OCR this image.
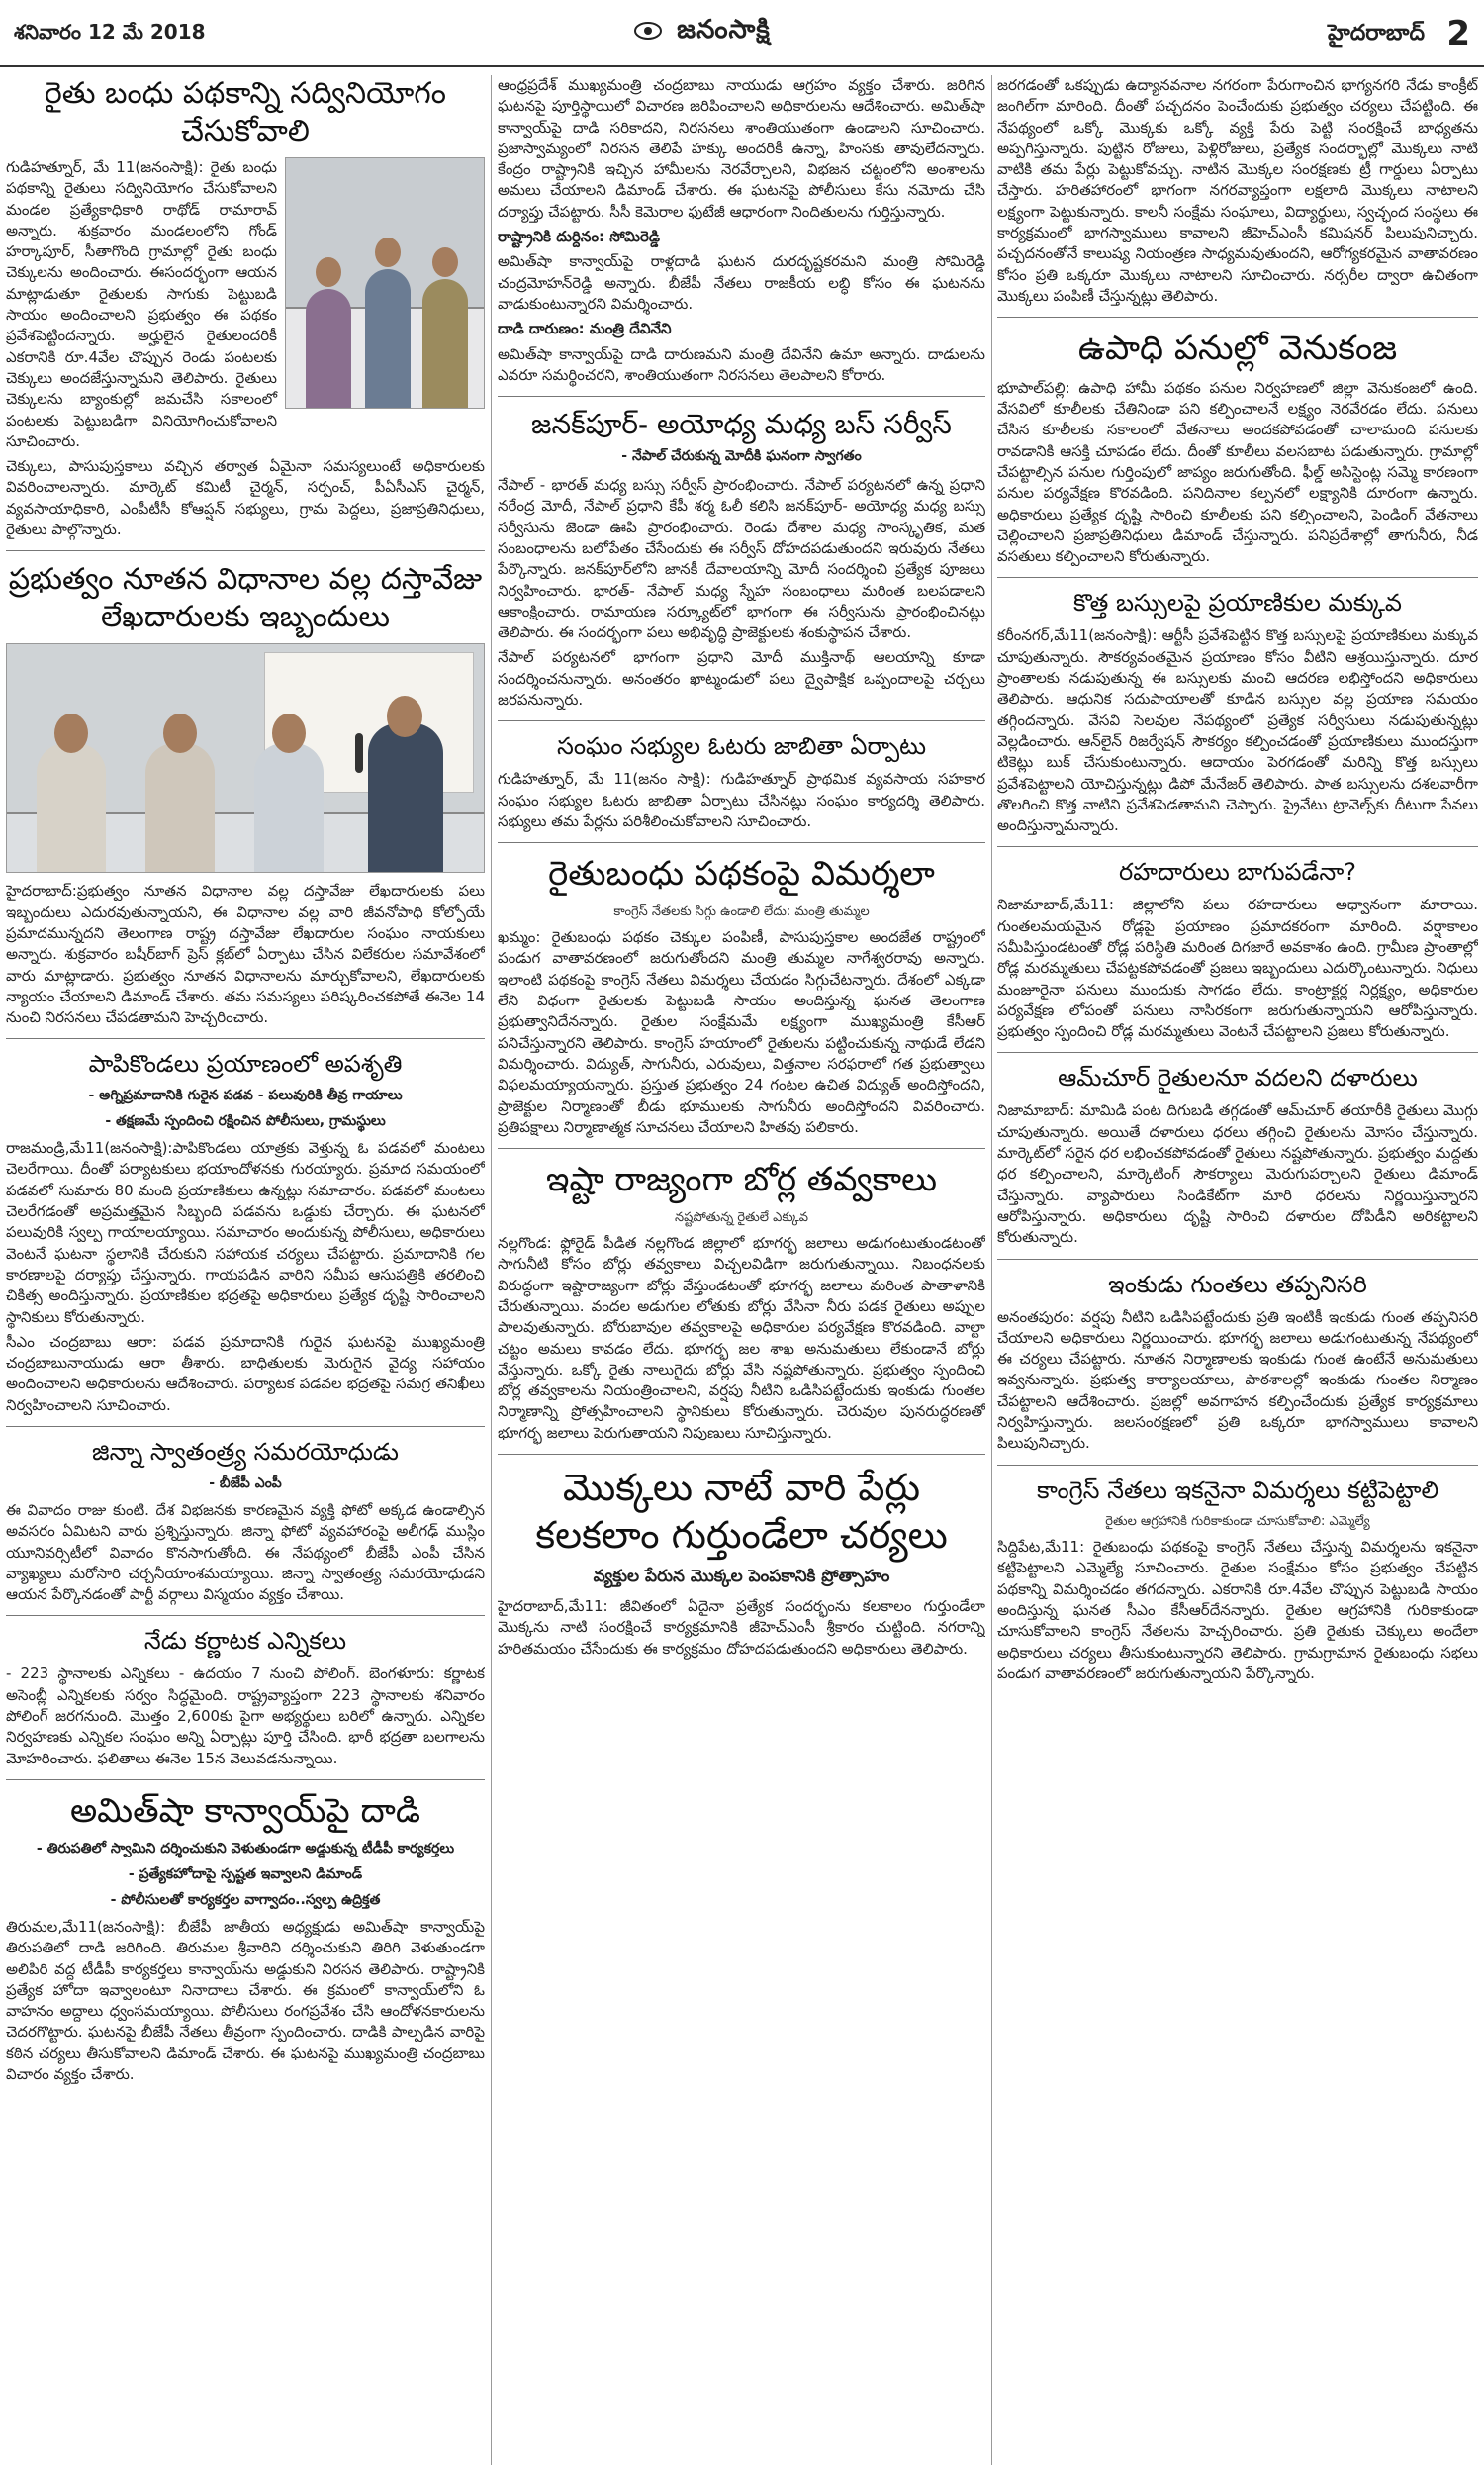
శనివారం 12 మే 2018	జనంసాక్షి	హైదరాబాద్ 2
రైతు బంధు పథకాన్ని సద్వినియోగం చేసుకోవాలి

గుడిహత్నూర్, మే 11(జనంసాక్షి): రైతు బంధు పథకాన్ని రైతులు సద్వినియోగం చేసుకోవాలని మండల ప్రత్యేకాధికారి రాథోడ్ రామారావ్ అన్నారు. శుక్రవారం మండలంలోని గోండ్ హర్కాపూర్, సీతాగొంది గ్రామాల్లో రైతు బంధు చెక్కులను అందించారు. ఈసందర్భంగా ఆయన మాట్లాడుతూ రైతులకు సాగుకు పెట్టుబడి సాయం అందించాలని ప్రభుత్వం ఈ పథకం ప్రవేశపెట్టిందన్నారు. అర్హులైన రైతులందరికీ ఎకరానికి రూ.4వేల చొప్పున రెండు పంటలకు చెక్కులు అందజేస్తున్నామని తెలిపారు. రైతులు చెక్కులను బ్యాంకుల్లో జమచేసి సకాలంలో పంటలకు పెట్టుబడిగా వినియోగించుకోవాలని సూచించారు.

చెక్కులు, పాసుపుస్తకాలు వచ్చిన తర్వాత ఏమైనా సమస్యలుంటే అధికారులకు వివరించాలన్నారు. మార్కెట్ కమిటీ చైర్మన్, సర్పంచ్, పీఏసీఎస్ చైర్మన్, వ్యవసాయాధికారి, ఎంపీటీసీ కోఆప్షన్ సభ్యులు, గ్రామ పెద్దలు, ప్రజాప్రతినిధులు, రైతులు పాల్గొన్నారు.

ప్రభుత్వం నూతన విధానాల వల్ల దస్తావేజు లేఖదారులకు ఇబ్బందులు

హైదరాబాద్:ప్రభుత్వం నూతన విధానాల వల్ల దస్తావేజు లేఖదారులకు పలు ఇబ్బందులు ఎదురవుతున్నాయని, ఈ విధానాల వల్ల వారి జీవనోపాధి కోల్పోయే ప్రమాదమున్నదని తెలంగాణ రాష్ట్ర దస్తావేజు లేఖదారుల సంఘం నాయకులు అన్నారు. శుక్రవారం బషీర్‌బాగ్ ప్రెస్ క్లబ్‌లో ఏర్పాటు చేసిన విలేకరుల సమావేశంలో వారు మాట్లాడారు. ప్రభుత్వం నూతన విధానాలను మార్చుకోవాలని, లేఖదారులకు న్యాయం చేయాలని డిమాండ్ చేశారు. తమ సమస్యలు పరిష్కరించకపోతే ఈనెల 14 నుంచి నిరసనలు చేపడతామని హెచ్చరించారు.

పాపికొండలు ప్రయాణంలో అపశృతి
- అగ్నిప్రమాదానికి గురైన పడవ - పలువురికి తీవ్ర గాయాలు
- తక్షణమే స్పందించి రక్షించిన పోలీసులు, గ్రామస్థులు

రాజమండ్రి,మే11(జనంసాక్షి):పాపికొండలు యాత్రకు వెళ్తున్న ఓ పడవలో మంటలు చెలరేగాయి. దీంతో పర్యాటకులు భయాందోళనకు గురయ్యారు. ప్రమాద సమయంలో పడవలో సుమారు 80 మంది ప్రయాణికులు ఉన్నట్లు సమాచారం. పడవలో మంటలు చెలరేగడంతో అప్రమత్తమైన సిబ్బంది పడవను ఒడ్డుకు చేర్చారు. ఈ ఘటనలో పలువురికి స్వల్ప గాయాలయ్యాయి. సమాచారం అందుకున్న పోలీసులు, అధికారులు వెంటనే ఘటనా స్థలానికి చేరుకుని సహాయక చర్యలు చేపట్టారు. ప్రమాదానికి గల కారణాలపై దర్యాప్తు చేస్తున్నారు. గాయపడిన వారిని సమీప ఆసుపత్రికి తరలించి చికిత్స అందిస్తున్నారు. ప్రయాణికుల భద్రతపై అధికారులు ప్రత్యేక దృష్టి సారించాలని స్థానికులు కోరుతున్నారు.

సీఎం చంద్రబాబు ఆరా: పడవ ప్రమాదానికి గురైన ఘటనపై ముఖ్యమంత్రి చంద్రబాబునాయుడు ఆరా తీశారు. బాధితులకు మెరుగైన వైద్య సహాయం అందించాలని అధికారులను ఆదేశించారు. పర్యాటక పడవల భద్రతపై సమగ్ర తనిఖీలు నిర్వహించాలని సూచించారు.

జిన్నా స్వాతంత్ర్య సమరయోధుడు
- బీజేపీ ఎంపీ

ఈ వివాదం రాజు కుంటి. దేశ విభజనకు కారణమైన వ్యక్తి ఫోటో అక్కడ ఉండాల్సిన అవసరం ఏమిటని వారు ప్రశ్నిస్తున్నారు. జిన్నా ఫోటో వ్యవహారంపై అలీగఢ్ ముస్లిం యూనివర్సిటీలో వివాదం కొనసాగుతోంది. ఈ నేపథ్యంలో బీజేపీ ఎంపీ చేసిన వ్యాఖ్యలు మరోసారి చర్చనీయాంశమయ్యాయి. జిన్నా స్వాతంత్ర్య సమరయోధుడని ఆయన పేర్కొనడంతో పార్టీ వర్గాలు విస్మయం వ్యక్తం చేశాయి.

నేడు కర్ణాటక ఎన్నికలు

- 223 స్థానాలకు ఎన్నికలు - ఉదయం 7 నుంచి పోలింగ్. బెంగళూరు: కర్ణాటక అసెంబ్లీ ఎన్నికలకు సర్వం సిద్ధమైంది. రాష్ట్రవ్యాప్తంగా 223 స్థానాలకు శనివారం పోలింగ్ జరగనుంది. మొత్తం 2,600కు పైగా అభ్యర్థులు బరిలో ఉన్నారు. ఎన్నికల నిర్వహణకు ఎన్నికల సంఘం అన్ని ఏర్పాట్లు పూర్తి చేసింది. భారీ భద్రతా బలగాలను మోహరించారు. ఫలితాలు ఈనెల 15న వెలువడనున్నాయి.

అమిత్‌షా కాన్వాయ్‌పై దాడి
- తిరుపతిలో స్వామిని దర్శించుకుని వెళుతుండగా అడ్డుకున్న టీడీపీ కార్యకర్తలు
- ప్రత్యేకహోదాపై స్పష్టత ఇవ్వాలని డిమాండ్
- పోలీసులతో కార్యకర్తల వాగ్వాదం..స్వల్ప ఉద్రిక్తత

తిరుమల,మే11(జనంసాక్షి): బీజేపీ జాతీయ అధ్యక్షుడు అమిత్‌షా కాన్వాయ్‌పై తిరుపతిలో దాడి జరిగింది. తిరుమల శ్రీవారిని దర్శించుకుని తిరిగి వెళుతుండగా అలిపిరి వద్ద టీడీపీ కార్యకర్తలు కాన్వాయ్‌ను అడ్డుకుని నిరసన తెలిపారు. రాష్ట్రానికి ప్రత్యేక హోదా ఇవ్వాలంటూ నినాదాలు చేశారు. ఈ క్రమంలో కాన్వాయ్‌లోని ఓ వాహనం అద్దాలు ధ్వంసమయ్యాయి. పోలీసులు రంగప్రవేశం చేసి ఆందోళనకారులను చెదరగొట్టారు. ఘటనపై బీజేపీ నేతలు తీవ్రంగా స్పందించారు. దాడికి పాల్పడిన వారిపై కఠిన చర్యలు తీసుకోవాలని డిమాండ్ చేశారు. ఈ ఘటనపై ముఖ్యమంత్రి చంద్రబాబు విచారం వ్యక్తం చేశారు.

ఆంధ్రప్రదేశ్ ముఖ్యమంత్రి చంద్రబాబు నాయుడు ఆగ్రహం వ్యక్తం చేశారు. జరిగిన ఘటనపై పూర్తిస్థాయిలో విచారణ జరిపించాలని అధికారులను ఆదేశించారు. అమిత్‌షా కాన్వాయ్‌పై దాడి సరికాదని, నిరసనలు శాంతియుతంగా ఉండాలని సూచించారు. ప్రజాస్వామ్యంలో నిరసన తెలిపే హక్కు అందరికీ ఉన్నా, హింసకు తావులేదన్నారు. కేంద్రం రాష్ట్రానికి ఇచ్చిన హామీలను నెరవేర్చాలని, విభజన చట్టంలోని అంశాలను అమలు చేయాలని డిమాండ్ చేశారు. ఈ ఘటనపై పోలీసులు కేసు నమోదు చేసి దర్యాప్తు చేపట్టారు. సీసీ కెమెరాల ఫుటేజీ ఆధారంగా నిందితులను గుర్తిస్తున్నారు.

రాష్ట్రానికి దుర్దినం: సోమిరెడ్డి

అమిత్‌షా కాన్వాయ్‌పై రాళ్లదాడి ఘటన దురదృష్టకరమని మంత్రి సోమిరెడ్డి చంద్రమోహన్‌రెడ్డి అన్నారు. బీజేపీ నేతలు రాజకీయ లబ్ధి కోసం ఈ ఘటనను వాడుకుంటున్నారని విమర్శించారు.

దాడి దారుణం: మంత్రి దేవినేని

అమిత్‌షా కాన్వాయ్‌పై దాడి దారుణమని మంత్రి దేవినేని ఉమా అన్నారు. దాడులను ఎవరూ సమర్థించరని, శాంతియుతంగా నిరసనలు తెలపాలని కోరారు.

జనక్‌పూర్- అయోధ్య మధ్య బస్ సర్వీస్
- నేపాల్ చేరుకున్న మోదీకి ఘనంగా స్వాగతం

నేపాల్ - భారత్ మధ్య బస్సు సర్వీస్ ప్రారంభించారు. నేపాల్ పర్యటనలో ఉన్న ప్రధాని నరేంద్ర మోదీ, నేపాల్ ప్రధాని కేపీ శర్మ ఓలీ కలిసి జనక్‌పూర్- అయోధ్య మధ్య బస్సు సర్వీసును జెండా ఊపి ప్రారంభించారు. రెండు దేశాల మధ్య సాంస్కృతిక, మత సంబంధాలను బలోపేతం చేసేందుకు ఈ సర్వీస్ దోహదపడుతుందని ఇరువురు నేతలు పేర్కొన్నారు. జనక్‌పూర్‌లోని జానకీ దేవాలయాన్ని మోదీ సందర్శించి ప్రత్యేక పూజలు నిర్వహించారు. భారత్- నేపాల్ మధ్య స్నేహ సంబంధాలు మరింత బలపడాలని ఆకాంక్షించారు. రామాయణ సర్క్యూట్‌లో భాగంగా ఈ సర్వీసును ప్రారంభించినట్లు తెలిపారు. ఈ సందర్భంగా పలు అభివృద్ధి ప్రాజెక్టులకు శంకుస్థాపన చేశారు.

నేపాల్ పర్యటనలో భాగంగా ప్రధాని మోదీ ముక్తినాథ్ ఆలయాన్ని కూడా సందర్శించనున్నారు. అనంతరం ఖాట్మండులో పలు ద్వైపాక్షిక ఒప్పందాలపై చర్చలు జరపనున్నారు.

సంఘం సభ్యుల ఓటరు జాబితా ఏర్పాటు

గుడిహత్నూర్, మే 11(జనం సాక్షి): గుడిహత్నూర్ ప్రాథమిక వ్యవసాయ సహకార సంఘం సభ్యుల ఓటరు జాబితా ఏర్పాటు చేసినట్లు సంఘం కార్యదర్శి తెలిపారు. సభ్యులు తమ పేర్లను పరిశీలించుకోవాలని సూచించారు.

రైతుబంధు పథకంపై విమర్శలా
కాంగ్రెస్ నేతలకు సిగ్గు ఉండాలి లేదు: మంత్రి తుమ్మల

ఖమ్మం: రైతుబంధు పథకం చెక్కుల పంపిణీ, పాసుపుస్తకాల అందజేత రాష్ట్రంలో పండుగ వాతావరణంలో జరుగుతోందని మంత్రి తుమ్మల నాగేశ్వరరావు అన్నారు. ఇలాంటి పథకంపై కాంగ్రెస్ నేతలు విమర్శలు చేయడం సిగ్గుచేటన్నారు. దేశంలో ఎక్కడా లేని విధంగా రైతులకు పెట్టుబడి సాయం అందిస్తున్న ఘనత తెలంగాణ ప్రభుత్వానిదేనన్నారు. రైతుల సంక్షేమమే లక్ష్యంగా ముఖ్యమంత్రి కేసీఆర్ పనిచేస్తున్నారని తెలిపారు. కాంగ్రెస్ హయాంలో రైతులను పట్టించుకున్న నాథుడే లేడని విమర్శించారు. విద్యుత్, సాగునీరు, ఎరువులు, విత్తనాల సరఫరాలో గత ప్రభుత్వాలు విఫలమయ్యాయన్నారు. ప్రస్తుత ప్రభుత్వం 24 గంటల ఉచిత విద్యుత్ అందిస్తోందని, ప్రాజెక్టుల నిర్మాణంతో బీడు భూములకు సాగునీరు అందిస్తోందని వివరించారు. ప్రతిపక్షాలు నిర్మాణాత్మక సూచనలు చేయాలని హితవు పలికారు.

ఇష్టా రాజ్యంగా బోర్ల తవ్వకాలు
నష్టపోతున్న రైతులే ఎక్కువ

నల్లగొండ: ఫ్లోరైడ్ పీడిత నల్లగొండ జిల్లాలో భూగర్భ జలాలు అడుగంటుతుండటంతో సాగునీటి కోసం బోర్లు తవ్వకాలు విచ్చలవిడిగా జరుగుతున్నాయి. నిబంధనలకు విరుద్ధంగా ఇష్టారాజ్యంగా బోర్లు వేస్తుండటంతో భూగర్భ జలాలు మరింత పాతాళానికి చేరుతున్నాయి. వందల అడుగుల లోతుకు బోర్లు వేసినా నీరు పడక రైతులు అప్పుల పాలవుతున్నారు. బోరుబావుల తవ్వకాలపై అధికారుల పర్యవేక్షణ కొరవడింది. వాల్టా చట్టం అమలు కావడం లేదు. భూగర్భ జల శాఖ అనుమతులు లేకుండానే బోర్లు వేస్తున్నారు. ఒక్కో రైతు నాలుగైదు బోర్లు వేసి నష్టపోతున్నారు. ప్రభుత్వం స్పందించి బోర్ల తవ్వకాలను నియంత్రించాలని, వర్షపు నీటిని ఒడిసిపట్టేందుకు ఇంకుడు గుంతల నిర్మాణాన్ని ప్రోత్సహించాలని స్థానికులు కోరుతున్నారు. చెరువుల పునరుద్ధరణతో భూగర్భ జలాలు పెరుగుతాయని నిపుణులు సూచిస్తున్నారు.

మొక్కలు నాటే వారి పేర్లు కలకలాం గుర్తుండేలా చర్యలు
వ్యక్తుల పేరున మొక్కల పెంపకానికి ప్రోత్సాహం

హైదరాబాద్,మే11: జీవితంలో ఏదైనా ప్రత్యేక సందర్భంను కలకాలం గుర్తుండేలా మొక్కను నాటి సంరక్షించే కార్యక్రమానికి జీహెచ్‌ఎంసీ శ్రీకారం చుట్టింది. నగరాన్ని హరితమయం చేసేందుకు ఈ కార్యక్రమం దోహదపడుతుందని అధికారులు తెలిపారు.

జరగడంతో ఒకప్పుడు ఉద్యానవనాల నగరంగా పేరుగాంచిన భాగ్యనగరి నేడు కాంక్రీట్ జంగిల్‌గా మారింది. దీంతో పచ్చదనం పెంచేందుకు ప్రభుత్వం చర్యలు చేపట్టింది. ఈ నేపథ్యంలో ఒక్కో మొక్కకు ఒక్కో వ్యక్తి పేరు పెట్టి సంరక్షించే బాధ్యతను అప్పగిస్తున్నారు. పుట్టిన రోజులు, పెళ్లిరోజులు, ప్రత్యేక సందర్భాల్లో మొక్కలు నాటి వాటికి తమ పేర్లు పెట్టుకోవచ్చు. నాటిన మొక్కల సంరక్షణకు ట్రీ గార్డులు ఏర్పాటు చేస్తారు. హరితహారంలో భాగంగా నగరవ్యాప్తంగా లక్షలాది మొక్కలు నాటాలని లక్ష్యంగా పెట్టుకున్నారు. కాలనీ సంక్షేమ సంఘాలు, విద్యార్థులు, స్వచ్ఛంద సంస్థలు ఈ కార్యక్రమంలో భాగస్వాములు కావాలని జీహెచ్‌ఎంసీ కమిషనర్ పిలుపునిచ్చారు. పచ్చదనంతోనే కాలుష్య నియంత్రణ సాధ్యమవుతుందని, ఆరోగ్యకరమైన వాతావరణం కోసం ప్రతి ఒక్కరూ మొక్కలు నాటాలని సూచించారు. నర్సరీల ద్వారా ఉచితంగా మొక్కలు పంపిణీ చేస్తున్నట్లు తెలిపారు.

ఉపాధి పనుల్లో వెనుకంజ

భూపాల్‌పల్లి: ఉపాధి హామీ పథకం పనుల నిర్వహణలో జిల్లా వెనుకంజలో ఉంది. వేసవిలో కూలీలకు చేతినిండా పని కల్పించాలనే లక్ష్యం నెరవేరడం లేదు. పనులు చేసిన కూలీలకు సకాలంలో వేతనాలు అందకపోవడంతో చాలామంది పనులకు రావడానికి ఆసక్తి చూపడం లేదు. దీంతో కూలీలు వలసబాట పడుతున్నారు. గ్రామాల్లో చేపట్టాల్సిన పనుల గుర్తింపులో జాప్యం జరుగుతోంది. ఫీల్డ్ అసిస్టెంట్ల సమ్మె కారణంగా పనుల పర్యవేక్షణ కొరవడింది. పనిదినాల కల్పనలో లక్ష్యానికి దూరంగా ఉన్నారు. అధికారులు ప్రత్యేక దృష్టి సారించి కూలీలకు పని కల్పించాలని, పెండింగ్ వేతనాలు చెల్లించాలని ప్రజాప్రతినిధులు డిమాండ్ చేస్తున్నారు. పనిప్రదేశాల్లో తాగునీరు, నీడ వసతులు కల్పించాలని కోరుతున్నారు.

కొత్త బస్సులపై ప్రయాణికుల మక్కువ

కరీంనగర్,మే11(జ‌నంసాక్షి): ఆర్టీసీ ప్రవేశపెట్టిన కొత్త బస్సులపై ప్రయాణికులు మక్కువ చూపుతున్నారు. సౌకర్యవంతమైన ప్రయాణం కోసం వీటిని ఆశ్రయిస్తున్నారు. దూర ప్రాంతాలకు నడుపుతున్న ఈ బస్సులకు మంచి ఆదరణ లభిస్తోందని అధికారులు తెలిపారు. ఆధునిక సదుపాయాలతో కూడిన బస్సుల వల్ల ప్రయాణ సమయం తగ్గిందన్నారు. వేసవి సెలవుల నేపథ్యంలో ప్రత్యేక సర్వీసులు నడుపుతున్నట్లు వెల్లడించారు. ఆన్‌లైన్ రిజర్వేషన్ సౌకర్యం కల్పించడంతో ప్రయాణికులు ముందస్తుగా టికెట్లు బుక్ చేసుకుంటున్నారు. ఆదాయం పెరగడంతో మరిన్ని కొత్త బస్సులు ప్రవేశపెట్టాలని యోచిస్తున్నట్లు డిపో మేనేజర్ తెలిపారు. పాత బస్సులను దశలవారీగా తొలగించి కొత్త వాటిని ప్రవేశపెడతామని చెప్పారు. ప్రైవేటు ట్రావెల్స్‌కు దీటుగా సేవలు అందిస్తున్నామన్నారు.

రహదారులు బాగుపడేనా?

నిజామాబాద్,మే11: జిల్లాలోని పలు రహదారులు అధ్వానంగా మారాయి. గుంతలమయమైన రోడ్లపై ప్రయాణం ప్రమాదకరంగా మారింది. వర్షాకాలం సమీపిస్తుండటంతో రోడ్ల పరిస్థితి మరింత దిగజారే అవకాశం ఉంది. గ్రామీణ ప్రాంతాల్లో రోడ్ల మరమ్మతులు చేపట్టకపోవడంతో ప్రజలు ఇబ్బందులు ఎదుర్కొంటున్నారు. నిధులు మంజూరైనా పనులు ముందుకు సాగడం లేదు. కాంట్రాక్టర్ల నిర్లక్ష్యం, అధికారుల పర్యవేక్షణ లోపంతో పనులు నాసిరకంగా జరుగుతున్నాయని ఆరోపిస్తున్నారు. ప్రభుత్వం స్పందించి రోడ్ల మరమ్మతులు వెంటనే చేపట్టాలని ప్రజలు కోరుతున్నారు.

ఆమ్‌చూర్ రైతులనూ వదలని దళారులు

నిజామాబాద్: మామిడి పంట దిగుబడి తగ్గడంతో ఆమ్‌చూర్ తయారీకి రైతులు మొగ్గు చూపుతున్నారు. అయితే దళారులు ధరలు తగ్గించి రైతులను మోసం చేస్తున్నారు. మార్కెట్‌లో సరైన ధర లభించకపోవడంతో రైతులు నష్టపోతున్నారు. ప్రభుత్వం మద్దతు ధర కల్పించాలని, మార్కెటింగ్ సౌకర్యాలు మెరుగుపర్చాలని రైతులు డిమాండ్ చేస్తున్నారు. వ్యాపారులు సిండికేట్‌గా మారి ధరలను నిర్ణయిస్తున్నారని ఆరోపిస్తున్నారు. అధికారులు దృష్టి సారించి దళారుల దోపిడీని అరికట్టాలని కోరుతున్నారు.

ఇంకుడు గుంతలు తప్పనిసరి

అనంతపురం: వర్షపు నీటిని ఒడిసిపట్టేందుకు ప్రతి ఇంటికీ ఇంకుడు గుంత తప్పనిసరి చేయాలని అధికారులు నిర్ణయించారు. భూగర్భ జలాలు అడుగంటుతున్న నేపథ్యంలో ఈ చర్యలు చేపట్టారు. నూతన నిర్మాణాలకు ఇంకుడు గుంత ఉంటేనే అనుమతులు ఇవ్వనున్నారు. ప్రభుత్వ కార్యాలయాలు, పాఠశాలల్లో ఇంకుడు గుంతల నిర్మాణం చేపట్టాలని ఆదేశించారు. ప్రజల్లో అవగాహన కల్పించేందుకు ప్రత్యేక కార్యక్రమాలు నిర్వహిస్తున్నారు. జలసంరక్షణలో ప్రతి ఒక్కరూ భాగస్వాములు కావాలని పిలుపునిచ్చారు.

కాంగ్రెస్ నేతలు ఇకనైనా విమర్శలు కట్టిపెట్టాలి
రైతుల ఆగ్రహానికి గురికాకుండా చూసుకోవాలి: ఎమ్మెల్యే

సిద్దిపేట,మే11: రైతుబంధు పథకంపై కాంగ్రెస్ నేతలు చేస్తున్న విమర్శలను ఇకనైనా కట్టిపెట్టాలని ఎమ్మెల్యే సూచించారు. రైతుల సంక్షేమం కోసం ప్రభుత్వం చేపట్టిన పథకాన్ని విమర్శించడం తగదన్నారు. ఎకరానికి రూ.4వేల చొప్పున పెట్టుబడి సాయం అందిస్తున్న ఘనత సీఎం కేసీఆర్‌దేనన్నారు. రైతుల ఆగ్రహానికి గురికాకుండా చూసుకోవాలని కాంగ్రెస్ నేతలను హెచ్చరించారు. ప్రతి రైతుకు చెక్కులు అందేలా అధికారులు చర్యలు తీసుకుంటున్నారని తెలిపారు. గ్రామగ్రామాన రైతుబంధు సభలు పండుగ వాతావరణంలో జరుగుతున్నాయని పేర్కొన్నారు.
